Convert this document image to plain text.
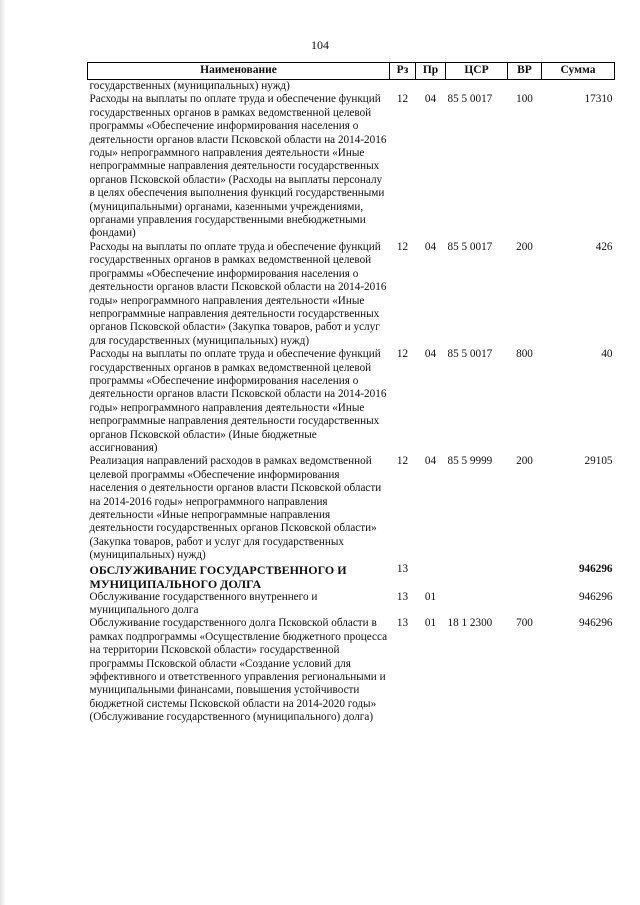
104
Наименование	Рз	Пр	ЦСР	ВР	Сумма
государственных (муниципальных) нужд)					
Расходы на выплаты по оплате труда и обеспечение функций государственных органов в рамках ведомственной целевой программы «Обеспечение информирования населения о деятельности органов власти Псковской области на 2014-2016 годы» непрограммного направления деятельности «Иные непрограммные направления деятельности государственных органов Псковской области» (Расходы на выплаты персоналу в целях обеспечения выполнения функций государственными (муниципальными) органами, казенными учреждениями, органами управления государственными внебюджетными фондами)	12	04	85 5 0017	100	17310
Расходы на выплаты по оплате труда и обеспечение функций государственных органов в рамках ведомственной целевой программы «Обеспечение информирования населения о деятельности органов власти Псковской области на 2014-2016 годы» непрограммного направления деятельности «Иные непрограммные направления деятельности государственных органов Псковской области» (Закупка товаров, работ и услуг для государственных (муниципальных) нужд)	12	04	85 5 0017	200	426
Расходы на выплаты по оплате труда и обеспечение функций государственных органов в рамках ведомственной целевой программы «Обеспечение информирования населения о деятельности органов власти Псковской области на 2014-2016 годы» непрограммного направления деятельности «Иные непрограммные направления деятельности государственных органов Псковской области» (Иные бюджетные ассигнования)	12	04	85 5 0017	800	40
Реализация направлений расходов в рамках ведомственной целевой программы «Обеспечение информирования населения о деятельности органов власти Псковской области на 2014-2016 годы» непрограммного направления деятельности «Иные непрограммные направления деятельности государственных органов Псковской области» (Закупка товаров, работ и услуг для государственных (муниципальных) нужд)	12	04	85 5 9999	200	29105
ОБСЛУЖИВАНИЕ ГОСУДАРСТВЕННОГО И МУНИЦИПАЛЬНОГО ДОЛГА	13				946296
Обслуживание государственного внутреннего и муниципального долга	13	01			946296
Обслуживание государственного долга Псковской области в рамках подпрограммы «Осуществление бюджетного процесса на территории Псковской области» государственной программы Псковской области «Создание условий для эффективного и ответственного управления региональными и муниципальными финансами, повышения устойчивости бюджетной системы Псковской области на 2014-2020 годы» (Обслуживание государственного (муниципального) долга)	13	01	18 1 2300	700	946296
